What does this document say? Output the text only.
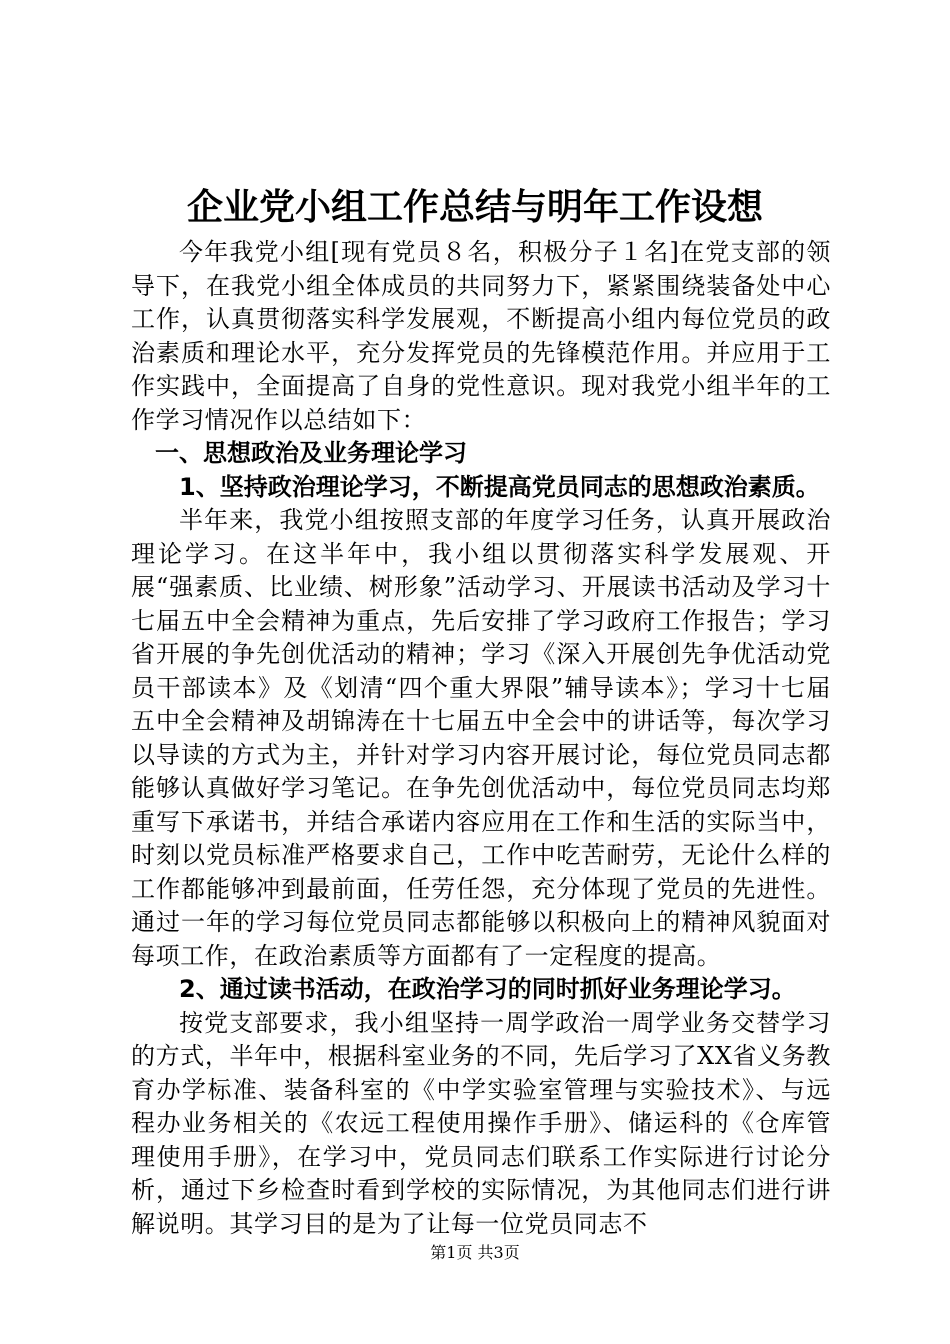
企业党小组工作总结与明年工作设想

今年我党小组[现有党员８名，积极分子１名]在党支部的领导下，在我党小组全体成员的共同努力下，紧紧围绕装备处中心工作，认真贯彻落实科学发展观，不断提高小组内每位党员的政治素质和理论水平，充分发挥党员的先锋模范作用。并应用于工作实践中，全面提高了自身的党性意识。现对我党小组半年的工作学习情况作以总结如下：

一、思想政治及业务理论学习

1、坚持政治理论学习，不断提高党员同志的思想政治素质。

半年来，我党小组按照支部的年度学习任务，认真开展政治理论学习。在这半年中，我小组以贯彻落实科学发展观、开展“强素质、比业绩、树形象”活动学习、开展读书活动及学习十七届五中全会精神为重点，先后安排了学习政府工作报告；学习省开展的争先创优活动的精神；学习《深入开展创先争优活动党员干部读本》及《划清“四个重大界限”辅导读本》；学习十七届五中全会精神及胡锦涛在十七届五中全会中的讲话等，每次学习以导读的方式为主，并针对学习内容开展讨论，每位党员同志都能够认真做好学习笔记。在争先创优活动中，每位党员同志均郑重写下承诺书，并结合承诺内容应用在工作和生活的实际当中，时刻以党员标准严格要求自己，工作中吃苦耐劳，无论什么样的工作都能够冲到最前面，任劳任怨，充分体现了党员的先进性。通过一年的学习每位党员同志都能够以积极向上的精神风貌面对每项工作，在政治素质等方面都有了一定程度的提高。

2、通过读书活动，在政治学习的同时抓好业务理论学习。

按党支部要求，我小组坚持一周学政治一周学业务交替学习的方式，半年中，根据科室业务的不同，先后学习了XX省义务教育办学标准、装备科室的《中学实验室管理与实验技术》、与远程办业务相关的《农远工程使用操作手册》、储运科的《仓库管理使用手册》，在学习中，党员同志们联系工作实际进行讨论分析，通过下乡检查时看到学校的实际情况，为其他同志们进行讲解说明。其学习目的是为了让每一位党员同志不

第1页 共3页
